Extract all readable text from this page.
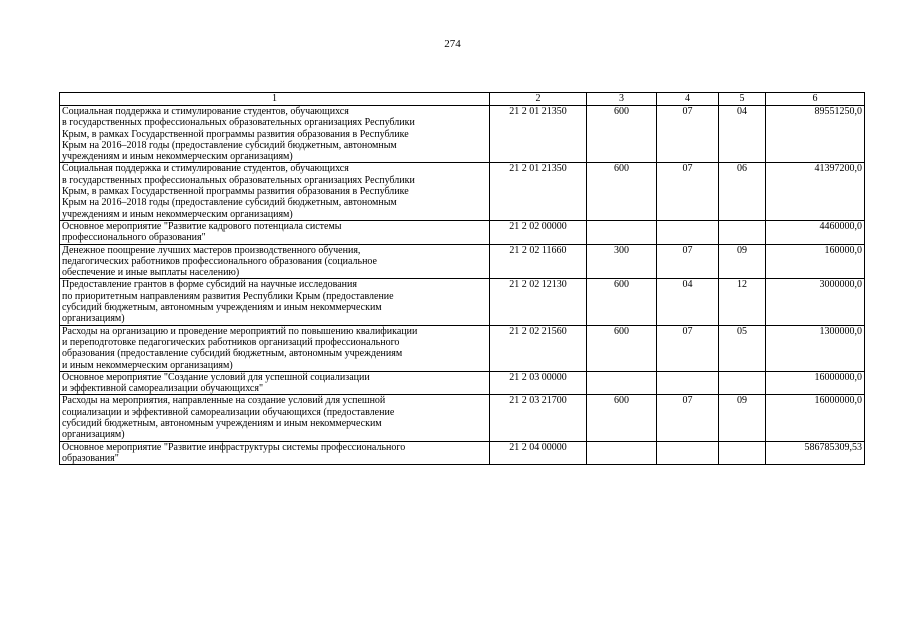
274
1	2	3	4	5	6

Социальная поддержка и стимулирование студентов, обучающихся
в государственных профессиональных образовательных организациях Республики
Крым, в рамках Государственной программы развития образования в Республике
Крым на 2016–2018 годы (предоставление субсидий бюджетным, автономным
учреждениям и иным некоммерческим организациям)	21 2 01 21350	600	07	04	89551250,0

Социальная поддержка и стимулирование студентов, обучающихся
в государственных профессиональных образовательных организациях Республики
Крым, в рамках Государственной программы развития образования в Республике
Крым на 2016–2018 годы (предоставление субсидий бюджетным, автономным
учреждениям и иным некоммерческим организациям)	21 2 01 21350	600	07	06	41397200,0

Основное мероприятие "Развитие кадрового потенциала системы
профессионального образования"	21 2 02 00000				4460000,0

Денежное поощрение лучших мастеров производственного обучения,
педагогических работников профессионального образования (социальное
обеспечение и иные выплаты населению)	21 2 02 11660	300	07	09	160000,0

Предоставление грантов в форме субсидий на научные исследования
по приоритетным направлениям развития Республики Крым (предоставление
субсидий бюджетным, автономным учреждениям и иным некоммерческим
организациям)	21 2 02 12130	600	04	12	3000000,0

Расходы на организацию и проведение мероприятий по повышению квалификации
и переподготовке педагогических работников организаций профессионального
образования (предоставление субсидий бюджетным, автономным учреждениям
и иным некоммерческим организациям)	21 2 02 21560	600	07	05	1300000,0

Основное мероприятие "Создание условий для успешной социализации
и эффективной самореализации обучающихся"	21 2 03 00000				16000000,0

Расходы на мероприятия, направленные на создание условий для успешной
социализации и эффективной самореализации обучающихся (предоставление
субсидий бюджетным, автономным учреждениям и иным некоммерческим
организациям)	21 2 03 21700	600	07	09	16000000,0

Основное мероприятие "Развитие инфраструктуры системы профессионального
образования"	21 2 04 00000				586785309,53
